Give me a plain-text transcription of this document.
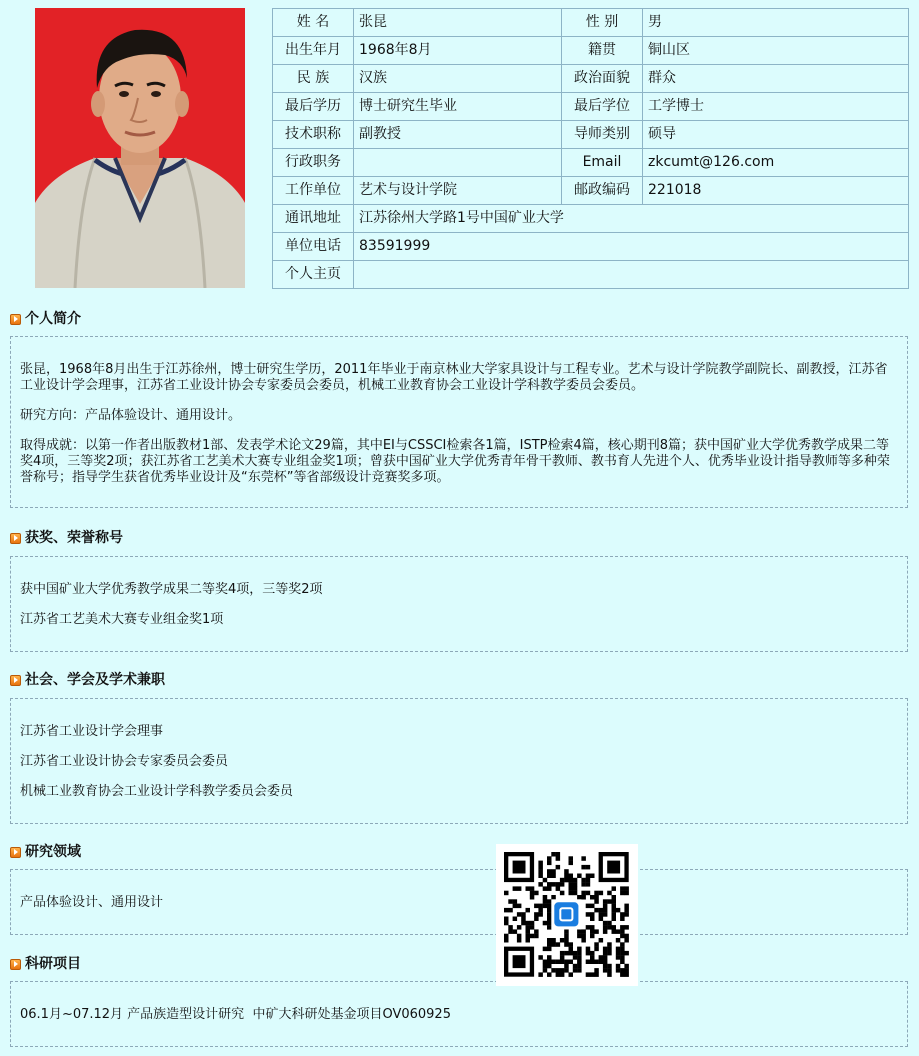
姓 名	张昆	性 别	男
出生年月	1968年8月	籍贯	铜山区
民 族	汉族	政治面貌	群众
最后学历	博士研究生毕业	最后学位	工学博士
技术职称	副教授	导师类别	硕导
行政职务		Email	zkcumt@126.com
工作单位	艺术与设计学院	邮政编码	221018
通讯地址	江苏徐州大学路1号中国矿业大学		
单位电话	83591999		
个人主页			
个人简介

张昆，1968年8月出生于江苏徐州，博士研究生学历，2011年毕业于南京林业大学家具设计与工程专业。艺术与设计学院教学副院长、副教授，江苏省工业设计学会理事，江苏省工业设计协会专家委员会委员，机械工业教育协会工业设计学科教学委员会委员。

研究方向：产品体验设计、通用设计。

取得成就：以第一作者出版教材1部、发表学术论文29篇，其中EI与CSSCI检索各1篇，ISTP检索4篇，核心期刊8篇；获中国矿业大学优秀教学成果二等奖4项，三等奖2项；获江苏省工艺美术大赛专业组金奖1项；曾获中国矿业大学优秀青年骨干教师、教书育人先进个人、优秀毕业设计指导教师等多种荣誉称号；指导学生获省优秀毕业设计及“东莞杯”等省部级设计竞赛奖多项。

获奖、荣誉称号

获中国矿业大学优秀教学成果二等奖4项，三等奖2项

江苏省工艺美术大赛专业组金奖1项

社会、学会及学术兼职

江苏省工业设计学会理事

江苏省工业设计协会专家委员会委员

机械工业教育协会工业设计学科教学委员会委员

研究领域

产品体验设计、通用设计

科研项目

06.1月~07.12月 产品族造型设计研究  中矿大科研处基金项目OV060925
